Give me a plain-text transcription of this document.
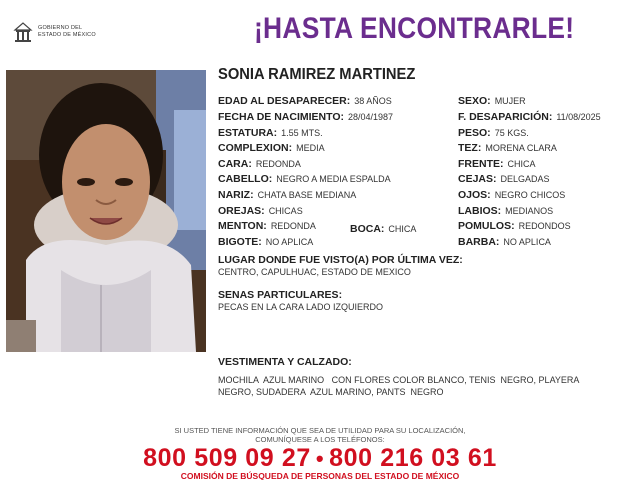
GOBIERNO DEL
ESTADO DE MÉXICO	¡HASTA ENCONTRARLE!
SONIA RAMIREZ MARTINEZ
EDAD AL DESAPARECER: 38 AÑOS
FECHA DE NACIMIENTO: 28/04/1987
ESTATURA: 1.55 MTS.
COMPLEXION: MEDIA
CARA: REDONDA
CABELLO: NEGRO A MEDIA ESPALDA
NARIZ: CHATA BASE MEDIANA
OREJAS: CHICAS
MENTON: REDONDA
BIGOTE: NO APLICA
BOCA: CHICA
SEXO: MUJER
F. DESAPARICIÓN: 11/08/2025
PESO: 75 KGS.
TEZ: MORENA CLARA
FRENTE: CHICA
CEJAS: DELGADAS
OJOS: NEGRO CHICOS
LABIOS: MEDIANOS
POMULOS: REDONDOS
BARBA: NO APLICA
LUGAR DONDE FUE VISTO(A) POR ÚLTIMA VEZ:
CENTRO, CAPULHUAC, ESTADO DE MEXICO
SENAS PARTICULARES:
PECAS EN LA CARA LADO IZQUIERDO
VESTIMENTA Y CALZADO:
MOCHILA  AZUL MARINO   CON FLORES COLOR BLANCO, TENIS  NEGRO, PLAYERA
NEGRO, SUDADERA  AZUL MARINO, PANTS  NEGRO
SI USTED TIENE INFORMACIÓN QUE SEA DE UTILIDAD PARA SU LOCALIZACIÓN,
COMUNÍQUESE A LOS TELÉFONOS:
800 509 09 27 • 800 216 03 61
COMISIÓN DE BÚSQUEDA DE PERSONAS DEL ESTADO DE MÉXICO
